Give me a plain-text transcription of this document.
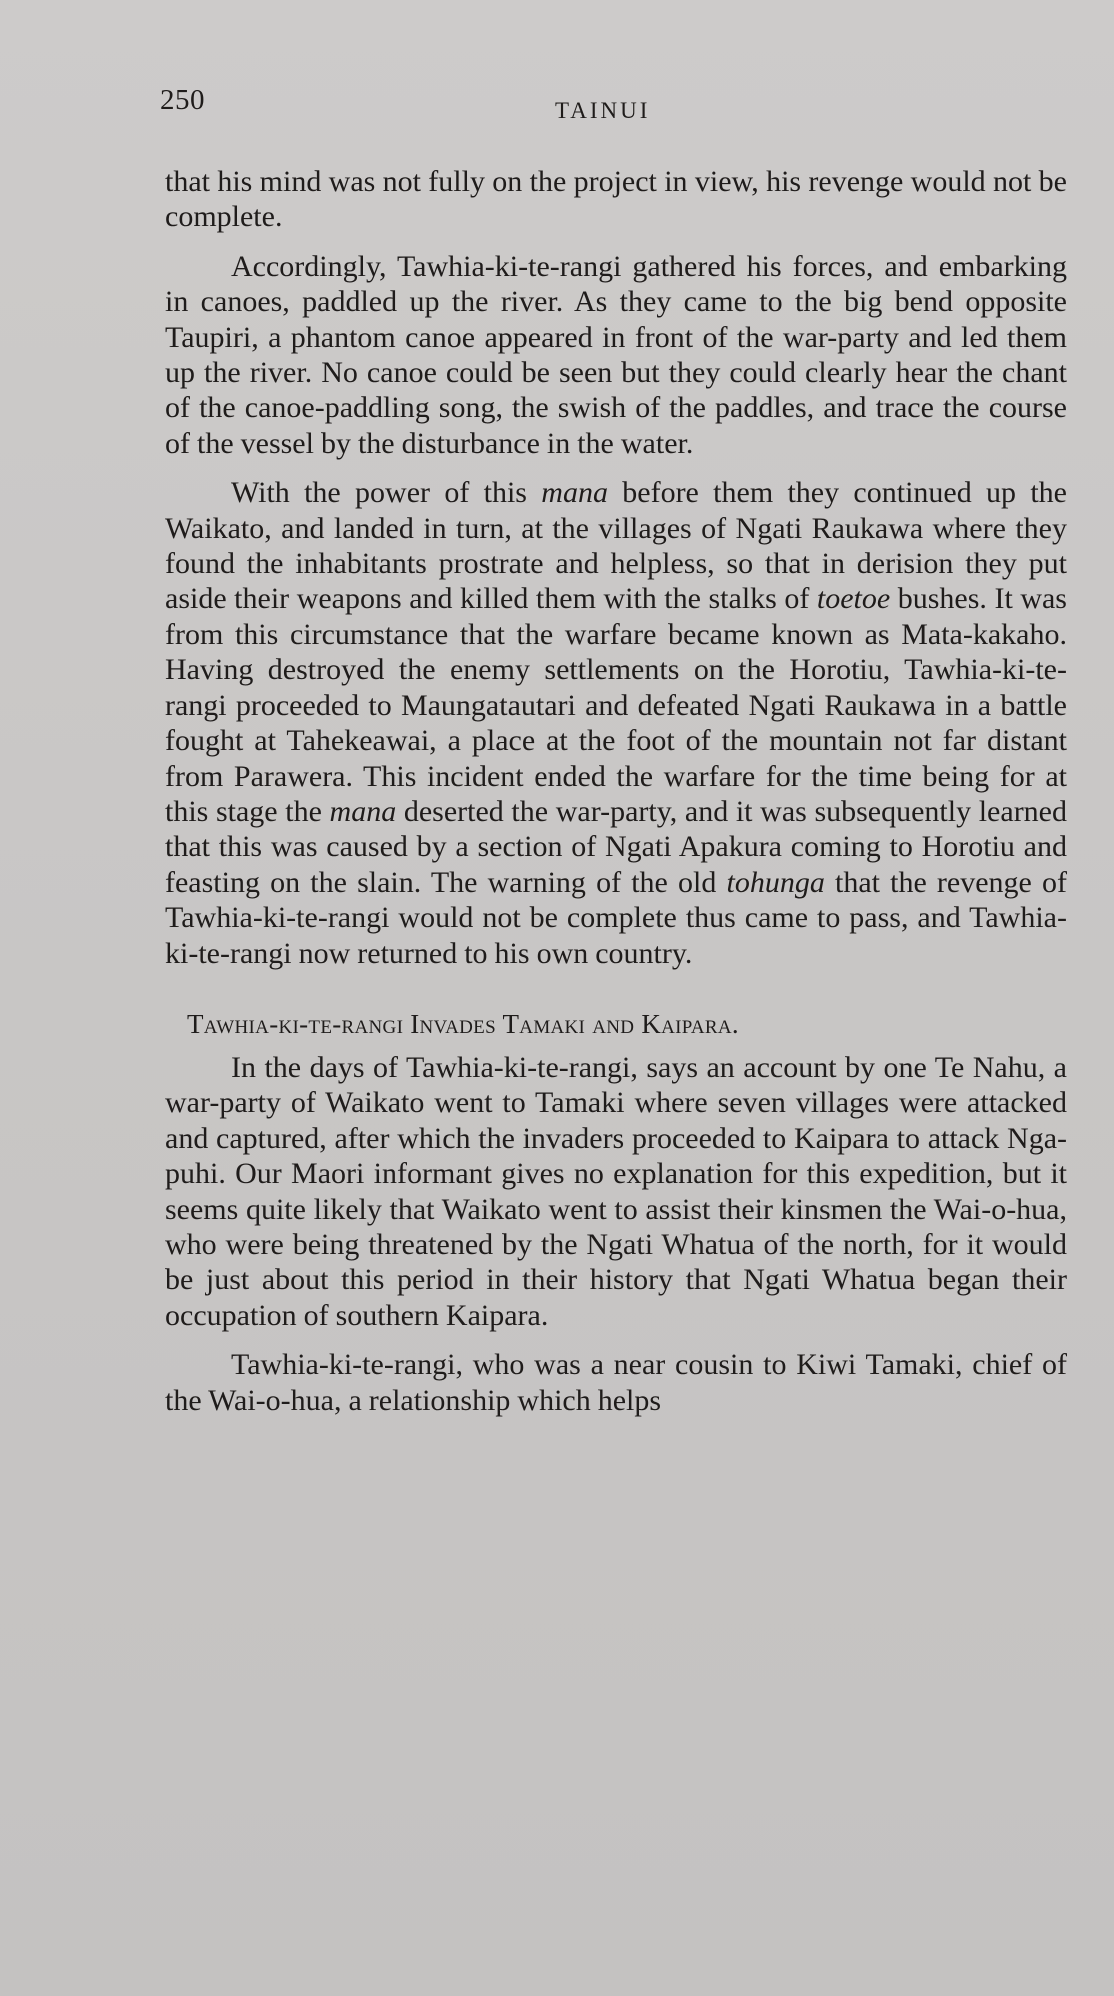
250	TAINUI

that his mind was not fully on the project in view, his revenge would not be complete.

Accordingly, Tawhia-ki-te-rangi gathered his forces, and embarking in canoes, paddled up the river. As they came to the big bend opposite Taupiri, a phantom canoe appeared in front of the war-party and led them up the river. No canoe could be seen but they could clearly hear the chant of the canoe-paddling song, the swish of the paddles, and trace the course of the vessel by the disturbance in the water.

With the power of this mana before them they continued up the Waikato, and landed in turn, at the villages of Ngati Raukawa where they found the inhabitants prostrate and helpless, so that in derision they put aside their weapons and killed them with the stalks of toetoe bushes. It was from this circumstance that the warfare became known as Mata-kakaho. Having destroyed the enemy settlements on the Horotiu, Tawhia-ki-te-rangi proceeded to Maungatautari and defeated Ngati Raukawa in a battle fought at Tahekeawai, a place at the foot of the mountain not far distant from Parawera. This incident ended the warfare for the time being for at this stage the mana deserted the war-party, and it was subsequently learned that this was caused by a section of Ngati Apakura coming to Horotiu and feasting on the slain. The warning of the old tohunga that the revenge of Tawhia-ki-te-rangi would not be complete thus came to pass, and Tawhia-ki-te-rangi now returned to his own country.

Tawhia-ki-te-rangi Invades Tamaki and Kaipara.

In the days of Tawhia-ki-te-rangi, says an account by one Te Nahu, a war-party of Waikato went to Tamaki where seven villages were attacked and captured, after which the invaders proceeded to Kaipara to attack Nga-puhi. Our Maori informant gives no explanation for this expedition, but it seems quite likely that Waikato went to assist their kinsmen the Wai-o-hua, who were being threatened by the Ngati Whatua of the north, for it would be just about this period in their history that Ngati Whatua began their occupation of southern Kaipara.

Tawhia-ki-te-rangi, who was a near cousin to Kiwi Tamaki, chief of the Wai-o-hua, a relationship which helps
